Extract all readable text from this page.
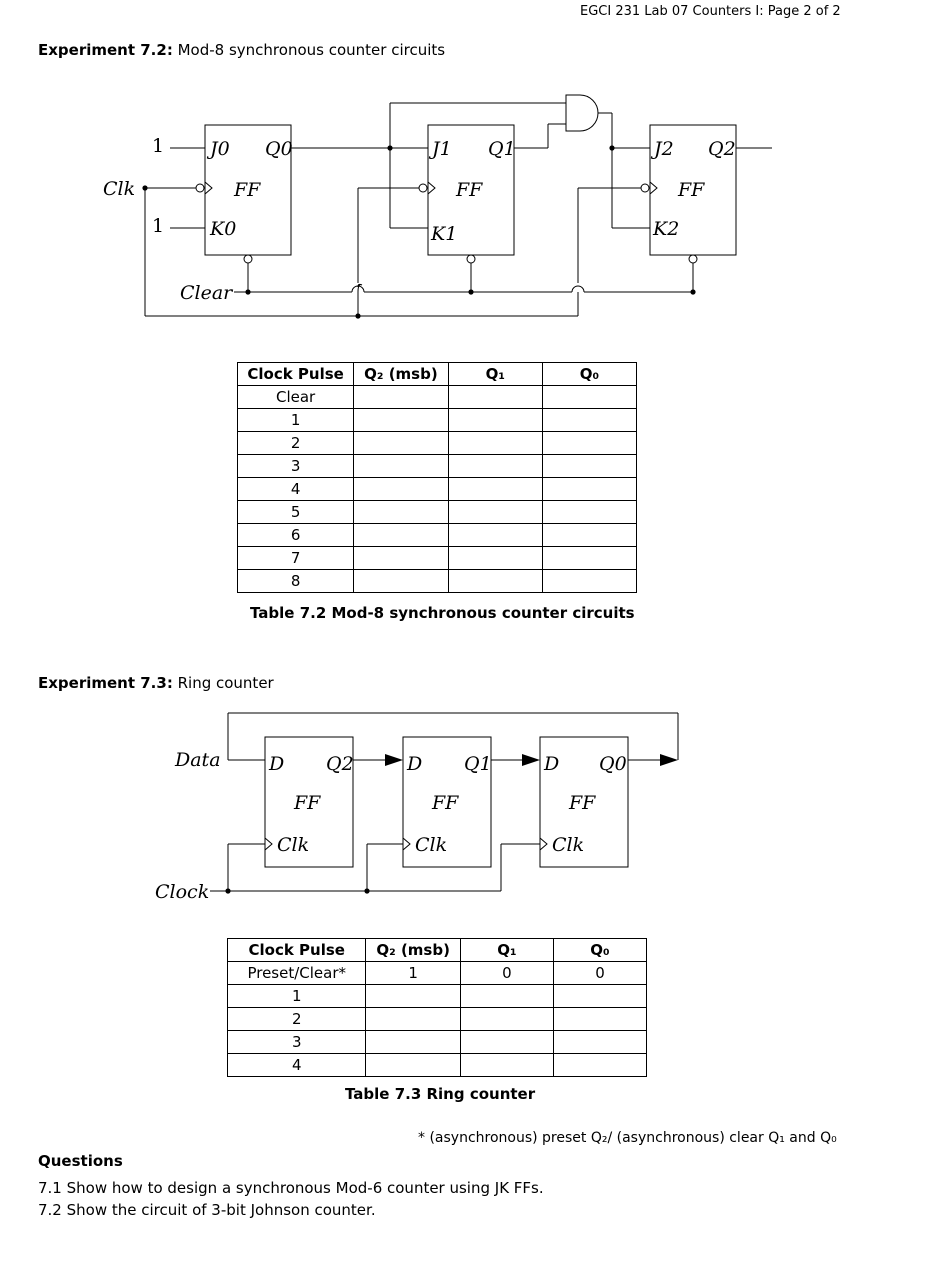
EGCI 231 Lab 07 Counters I: Page 2 of 2
Experiment 7.2: Mod-8 synchronous counter circuits
1
1
Clk
Clear
J0 Q0
FF
K0
J1 Q1
FF
K1
J2 Q2
FF
K2
Clock Pulse	Q₂ (msb)	Q₁	Q₀
Clear			
1			
2			
3			
4			
5			
6			
7			
8			
Table 7.2 Mod-8 synchronous counter circuits
Experiment 7.3: Ring counter
Data
Clock
D Q2
FF
Clk
D Q1
FF
Clk
D Q0
FF
Clk
Clock Pulse	Q₂ (msb)	Q₁	Q₀
Preset/Clear*	1	0	0
1			
2			
3			
4			
Table 7.3 Ring counter
* (asynchronous) preset Q₂/ (asynchronous) clear Q₁ and Q₀
Questions
7.1 Show how to design a synchronous Mod-6 counter using JK FFs.
7.2 Show the circuit of 3-bit Johnson counter.
